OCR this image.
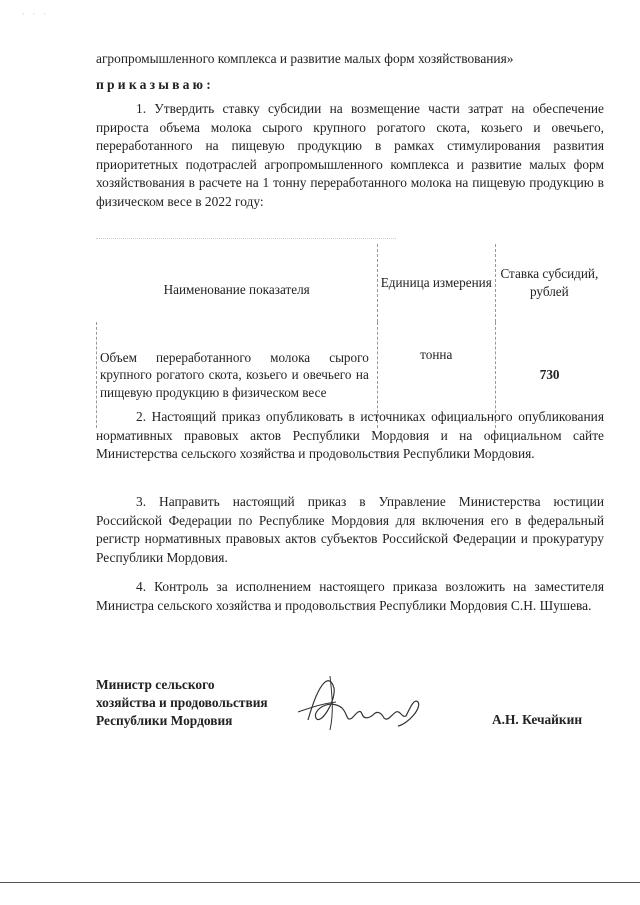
· · ·
агропромышленного комплекса и развитие малых форм хозяйствования»
приказываю:
1. Утвердить ставку субсидии на возмещение части затрат на обеспечение прироста объема молока сырого крупного рогатого скота, козьего и овечьего, переработанного на пищевую продукцию в рамках стимулирования развития приоритетных подотраслей агропромышленного комплекса и развитие малых форм хозяйствования в расчете на 1 тонну переработанного молока на пищевую продукцию в физическом весе в 2022 году:
Наименование показателя	Единица измерения	Ставка субсидий, рублей
Объем переработанного молока сырого крупного рогатого скота, козьего и овечьего на пищевую продукцию в физическом весе	тонна	730
2. Настоящий приказ опубликовать в источниках официального опубликования нормативных правовых актов Республики Мордовия и на официальном сайте Министерства сельского хозяйства и продовольствия Республики Мордовия.
3. Направить настоящий приказ в Управление Министерства юстиции Российской Федерации по Республике Мордовия для включения его в федеральный регистр нормативных правовых актов субъектов Российской Федерации и прокуратуру Республики Мордовия.
4. Контроль за исполнением настоящего приказа возложить на заместителя Министра сельского хозяйства и продовольствия Республики Мордовия С.Н. Шушева.
Министр сельского
хозяйства и продовольствия
Республики Мордовия	А.Н. Кечайкин
